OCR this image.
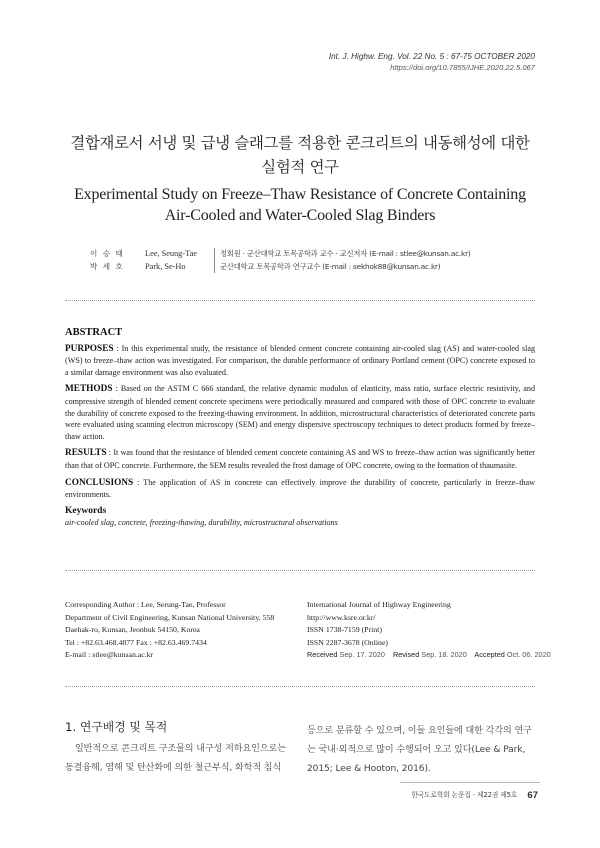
Int. J. Highw. Eng. Vol. 22 No. 5 : 67-75 OCTOBER 2020
https://doi.org/10.7855/IJHE.2020.22.5.067
결합재로서 서냉 및 급냉 슬래그를 적용한 콘크리트의 내동해성에 대한
실험적 연구
Experimental Study on Freeze–Thaw Resistance of Concrete Containing
Air-Cooled and Water-Cooled Slag Binders
이 승 태	Lee, Seung-Tae	정회원 · 군산대학교 토목공학과 교수 · 교신저자 (E-mail : stlee@kunsan.ac.kr)
박 세 호	Park, Se-Ho	군산대학교 토목공학과 연구교수 (E-mail : sekhok88@kunsan.ac.kr)
ABSTRACT

PURPOSES : In this experimental study, the resistance of blended cement concrete containing air-cooled slag (AS) and water-cooled slag (WS) to freeze–thaw action was investigated. For comparison, the durable performance of ordinary Portland cement (OPC) concrete exposed to a similar damage environment was also evaluated.

METHODS : Based on the ASTM C 666 standard, the relative dynamic modulus of elasticity, mass ratio, surface electric resistivity, and compressive strength of blended cement concrete specimens were periodically measured and compared with those of OPC concrete to evaluate the durability of concrete exposed to the freezing-thawing environment. In addition, microstructural characteristics of deteriorated concrete parts were evaluated using scanning electron microscopy (SEM) and energy dispersive spectroscopy techniques to detect products formed by freeze–thaw action.

RESULTS : It was found that the resistance of blended cement concrete containing AS and WS to freeze–thaw action was significantly better than that of OPC concrete. Furthermore, the SEM results revealed the frost damage of OPC concrete, owing to the formation of thaumasite.

CONCLUSIONS : The application of AS in concrete can effectively improve the durability of concrete, particularly in freeze–thaw environments.

Keywords
air-cooled slag, concrete, freezing-thawing, durability, microstructural observations
Corresponding Author : Lee, Serung-Tae, Professor
Department of Civil Engineering, Kunsan National University, 558
Daehak-ro, Kunsan, Jeonbuk 54150, Korea
Tel : +82.63.468.4877 Fax : +82.63.469.7434
E-mail : stlee@kunsan.ac.kr
International Journal of Highway Engineering
http://www.ksre.or.kr/
ISSN 1738-7159 (Print)
ISSN 2287-3678 (Online)
Received Sep. 17. 2020 Revised Sep. 18. 2020 Accepted Oct. 06. 2020
1. 연구배경 및 목적
일반적으로 콘크리트 구조물의 내구성 저하요인으로는
동결융해, 염해 및 탄산화에 의한 철근부식, 화학적 침식
등으로 분류할 수 있으며, 이들 요인들에 대한 각각의 연구
는 국내·외적으로 많이 수행되어 오고 있다(Lee & Park,
2015; Lee & Hooton, 2016).
한국도로학회 논문집 · 제22권 제5호 67
